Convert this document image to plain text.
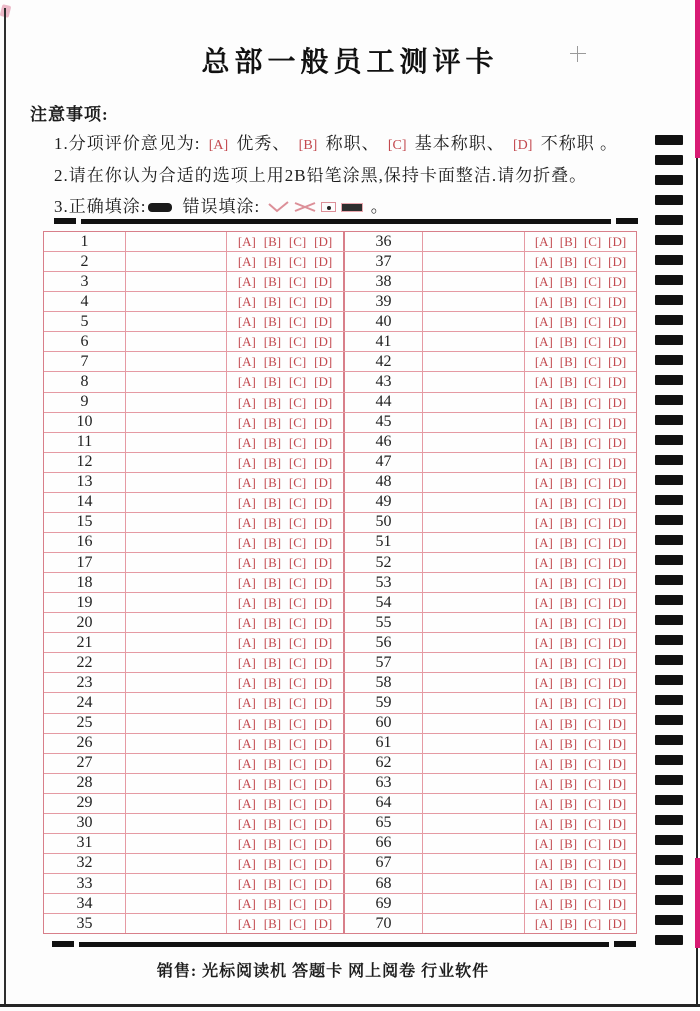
总部一般员工测评卡
注意事项:
1.分项评价意见为: [A] 优秀、 [B] 称职、 [C] 基本称职、 [D] 不称职 。
2.请在你认为合适的选项上用2B铅笔涂黑,保持卡面整洁.请勿折叠。
3.正确填涂: 错误填涂:	。
1	[A] [B] [C] [D]	36	[A] [B] [C] [D]
2	[A] [B] [C] [D]	37	[A] [B] [C] [D]
3	[A] [B] [C] [D]	38	[A] [B] [C] [D]
4	[A] [B] [C] [D]	39	[A] [B] [C] [D]
5	[A] [B] [C] [D]	40	[A] [B] [C] [D]
6	[A] [B] [C] [D]	41	[A] [B] [C] [D]
7	[A] [B] [C] [D]	42	[A] [B] [C] [D]
8	[A] [B] [C] [D]	43	[A] [B] [C] [D]
9	[A] [B] [C] [D]	44	[A] [B] [C] [D]
10	[A] [B] [C] [D]	45	[A] [B] [C] [D]
11	[A] [B] [C] [D]	46	[A] [B] [C] [D]
12	[A] [B] [C] [D]	47	[A] [B] [C] [D]
13	[A] [B] [C] [D]	48	[A] [B] [C] [D]
14	[A] [B] [C] [D]	49	[A] [B] [C] [D]
15	[A] [B] [C] [D]	50	[A] [B] [C] [D]
16	[A] [B] [C] [D]	51	[A] [B] [C] [D]
17	[A] [B] [C] [D]	52	[A] [B] [C] [D]
18	[A] [B] [C] [D]	53	[A] [B] [C] [D]
19	[A] [B] [C] [D]	54	[A] [B] [C] [D]
20	[A] [B] [C] [D]	55	[A] [B] [C] [D]
21	[A] [B] [C] [D]	56	[A] [B] [C] [D]
22	[A] [B] [C] [D]	57	[A] [B] [C] [D]
23	[A] [B] [C] [D]	58	[A] [B] [C] [D]
24	[A] [B] [C] [D]	59	[A] [B] [C] [D]
25	[A] [B] [C] [D]	60	[A] [B] [C] [D]
26	[A] [B] [C] [D]	61	[A] [B] [C] [D]
27	[A] [B] [C] [D]	62	[A] [B] [C] [D]
28	[A] [B] [C] [D]	63	[A] [B] [C] [D]
29	[A] [B] [C] [D]	64	[A] [B] [C] [D]
30	[A] [B] [C] [D]	65	[A] [B] [C] [D]
31	[A] [B] [C] [D]	66	[A] [B] [C] [D]
32	[A] [B] [C] [D]	67	[A] [B] [C] [D]
33	[A] [B] [C] [D]	68	[A] [B] [C] [D]
34	[A] [B] [C] [D]	69	[A] [B] [C] [D]
35	[A] [B] [C] [D]	70	[A] [B] [C] [D]
销售: 光标阅读机 答题卡 网上阅卷 行业软件
